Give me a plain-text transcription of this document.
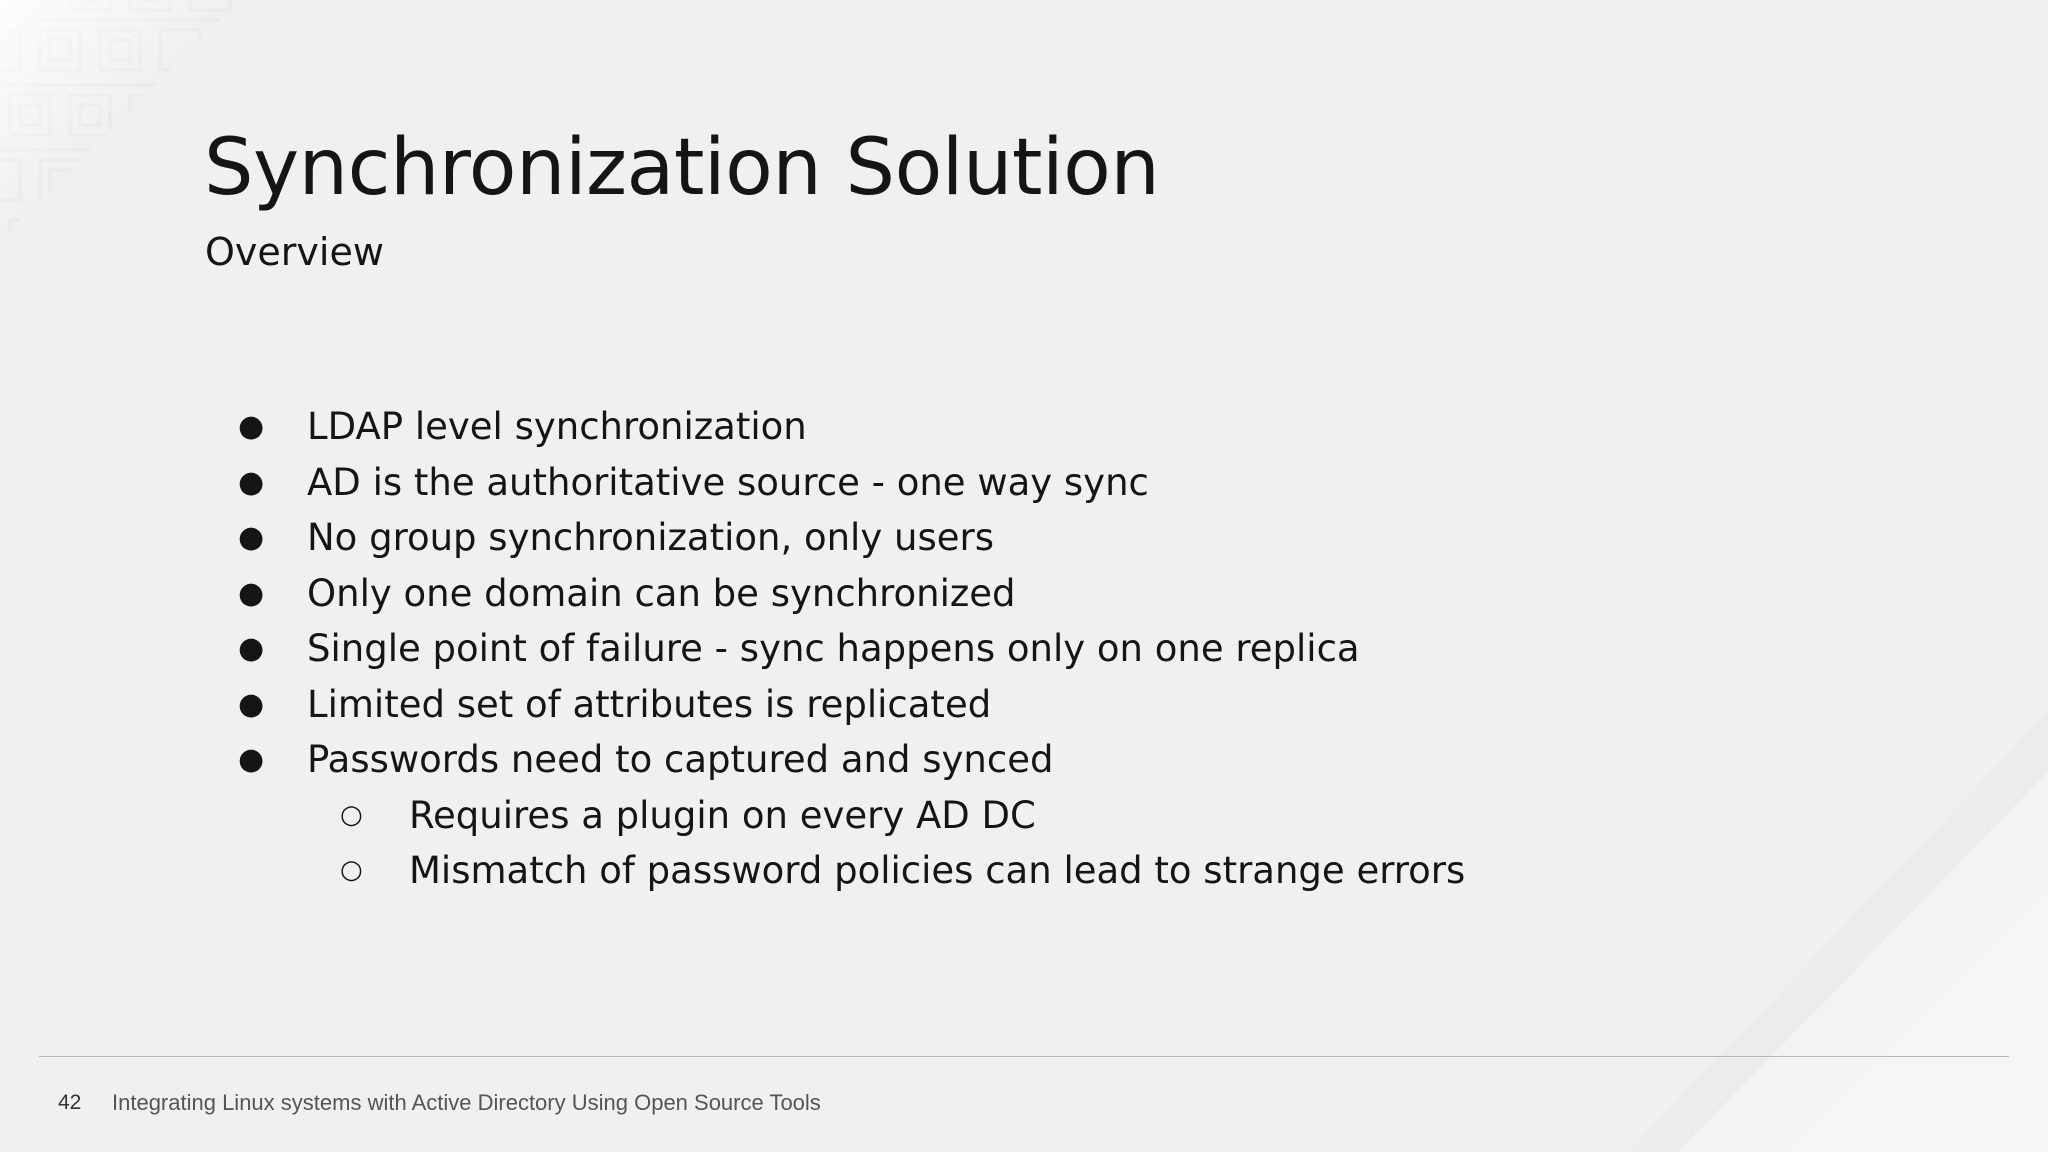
Synchronization Solution
Overview
● LDAP level synchronization
● AD is the authoritative source - one way sync
● No group synchronization, only users
● Only one domain can be synchronized
● Single point of failure - sync happens only on one replica
● Limited set of attributes is replicated
● Passwords need to captured and synced
○ Requires a plugin on every AD DC
○ Mismatch of password policies can lead to strange errors
42 Integrating Linux systems with Active Directory Using Open Source Tools
